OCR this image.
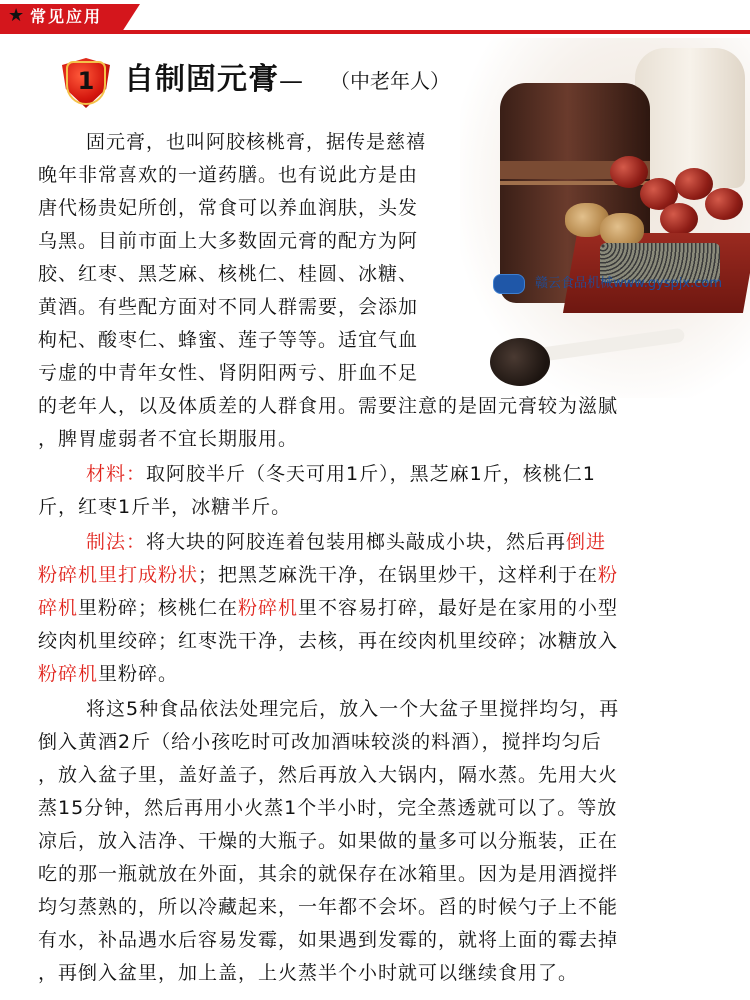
★ 常见应用
赣云食品机械www.gyspjx.com
1 自制固元膏— （中老年人）
固元膏，也叫阿胶核桃膏，据传是慈禧
晚年非常喜欢的一道药膳。也有说此方是由
唐代杨贵妃所创，常食可以养血润肤，头发
乌黑。目前市面上大多数固元膏的配方为阿
胶、红枣、黑芝麻、核桃仁、桂圆、冰糖、
黄酒。有些配方面对不同人群需要，会添加
枸杞、酸枣仁、蜂蜜、莲子等等。适宜气血
亏虚的中青年女性、肾阴阳两亏、肝血不足
的老年人，以及体质差的人群食用。需要注意的是固元膏较为滋腻
，脾胃虚弱者不宜长期服用。
材料：取阿胶半斤（冬天可用1斤），黑芝麻1斤，核桃仁1
斤，红枣1斤半，冰糖半斤。
制法：将大块的阿胶连着包装用榔头敲成小块，然后再倒进
粉碎机里打成粉状；把黑芝麻洗干净，在锅里炒干，这样利于在粉
碎机里粉碎；核桃仁在粉碎机里不容易打碎，最好是在家用的小型
绞肉机里绞碎；红枣洗干净，去核，再在绞肉机里绞碎；冰糖放入
粉碎机里粉碎。
将这5种食品依法处理完后，放入一个大盆子里搅拌均匀，再
倒入黄酒2斤（给小孩吃时可改加酒味较淡的料酒），搅拌均匀后
，放入盆子里，盖好盖子，然后再放入大锅内，隔水蒸。先用大火
蒸15分钟，然后再用小火蒸1个半小时，完全蒸透就可以了。等放
凉后，放入洁净、干燥的大瓶子。如果做的量多可以分瓶装，正在
吃的那一瓶就放在外面，其余的就保存在冰箱里。因为是用酒搅拌
均匀蒸熟的，所以冷藏起来，一年都不会坏。舀的时候勺子上不能
有水，补品遇水后容易发霉，如果遇到发霉的，就将上面的霉去掉
，再倒入盆里，加上盖，上火蒸半个小时就可以继续食用了。
